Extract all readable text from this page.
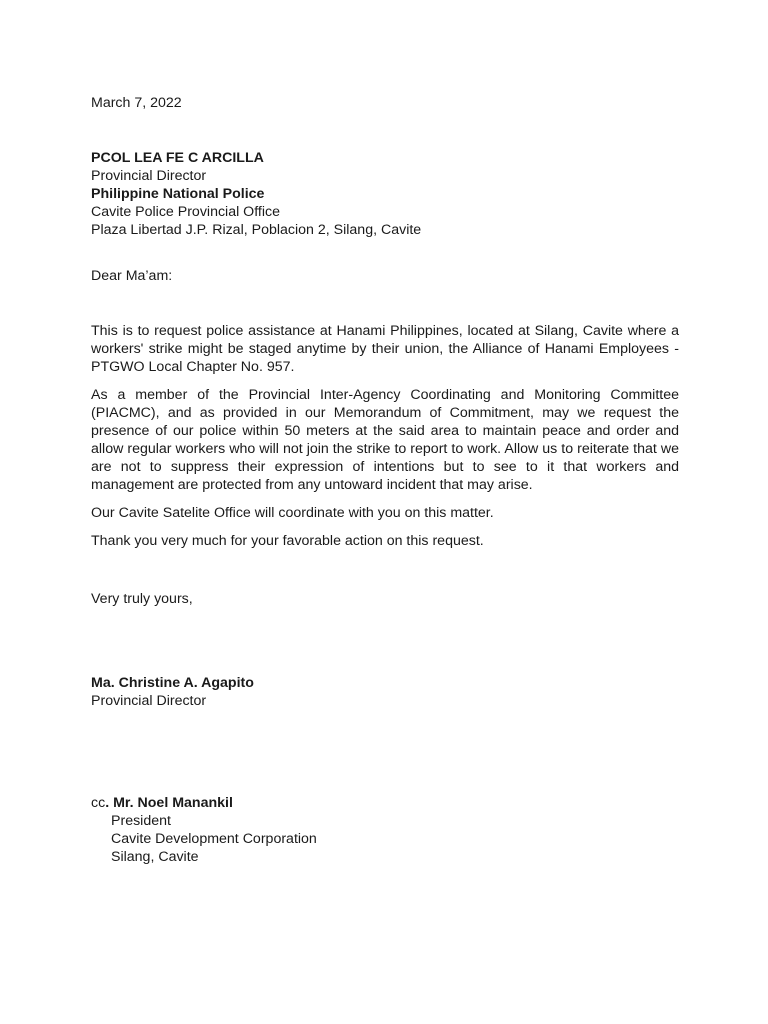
March 7, 2022
PCOL LEA FE C ARCILLA
Provincial Director
Philippine National Police
Cavite Police Provincial Office
Plaza Libertad J.P. Rizal, Poblacion 2, Silang, Cavite
Dear Ma’am:

This is to request police assistance at Hanami Philippines, located at Silang, Cavite where a workers' strike might be staged anytime by their union, the Alliance of Hanami Employees - PTGWO Local Chapter No. 957.

As a member of the Provincial Inter-Agency Coordinating and Monitoring Committee (PIACMC), and as provided in our Memorandum of Commitment, may we request the presence of our police within 50 meters at the said area to maintain peace and order and allow regular workers who will not join the strike to report to work. Allow us to reiterate that we are not to suppress their expression of intentions but to see to it that workers and management are protected from any untoward incident that may arise.

Our Cavite Satelite Office will coordinate with you on this matter.

Thank you very much for your favorable action on this request.

Very truly yours,
Ma. Christine A. Agapito
Provincial Director
cc. Mr. Noel Manankil
President
Cavite Development Corporation
Silang, Cavite
